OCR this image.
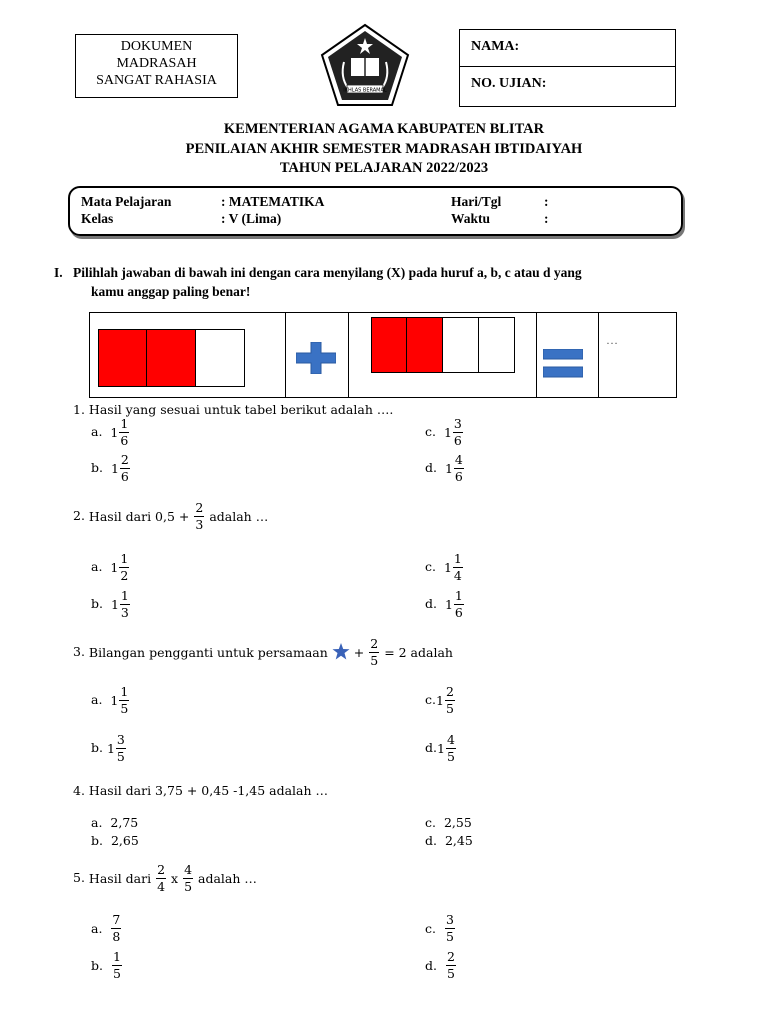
DOKUMEN
MADRASAH
SANGAT RAHASIA
IKHLAS BERAMAL
NAMA:
NO. UJIAN:
KEMENTERIAN AGAMA KABUPATEN BLITAR
PENILAIAN AKHIR SEMESTER MADRASAH IBTIDAIYAH
TAHUN PELAJARAN 2022/2023
Mata Pelajaran	: MATEMATIKA	Hari/Tgl	:
Kelas	: V (Lima)	Waktu	:
I. Pilihlah jawaban di bawah ini dengan cara menyilang (X) pada huruf a, b, c atau d yang
kamu anggap paling benar!
…
1. Hasil yang sesuai untuk tabel berikut adalah ….
a. $1 \frac{1}{6}$
b. $1 \frac{2}{6}$
c. $1 \frac{3}{6}$
d. $1 \frac{4}{6}$
2. Hasil dari $0,5 + \frac{2}{3}$ adalah …
a. $1 \frac{1}{2}$
b. $1 \frac{1}{3}$
c. $1 \frac{1}{4}$
d. $1 \frac{1}{6}$
3. Bilangan pengganti untuk persamaan + $\frac{2}{5} = 2$ adalah
a. $1 \frac{1}{5}$
b. $1 \frac{3}{5}$
$c.1 \frac{2}{5}$
$d.1 \frac{4}{5}$
4. Hasil dari 3,75 + 0,45 -1,45 adalah …
a. 2,75
b. 2,65
c. 2,55
d. 2,45
5. Hasil dari $\frac{2}{4}$ x $\frac{4}{5}$ adalah …
a. $\frac{7}{8}$
b. $\frac{1}{5}$
c. $\frac{3}{5}$
d. $\frac{2}{5}$
